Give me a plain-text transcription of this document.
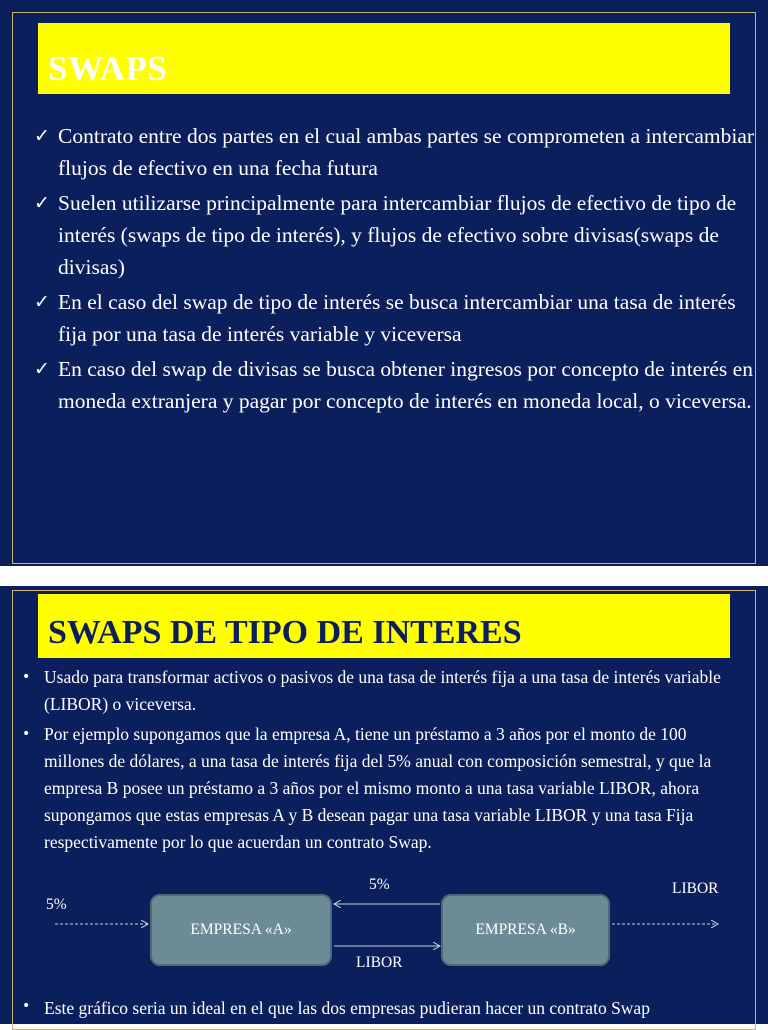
SWAPS
✓ Contrato entre dos partes en el cual ambas partes se comprometen a intercambiar flujos de efectivo en una fecha futura
✓ Suelen utilizarse principalmente para intercambiar flujos de efectivo de tipo de interés (swaps de tipo de interés), y flujos de efectivo sobre divisas(swaps de divisas)
✓ En el caso del swap de tipo de interés se busca intercambiar una tasa de interés fija por una tasa de interés variable y viceversa
✓ En caso del swap de divisas se busca obtener ingresos por concepto de interés en moneda extranjera y pagar por concepto de interés en moneda local, o viceversa.
SWAPS DE TIPO DE INTERES
• Usado para transformar activos o pasivos de una tasa de interés fija a una tasa de interés variable (LIBOR) o viceversa.
• Por ejemplo supongamos que la empresa A, tiene un préstamo a 3 años por el monto de 100 millones de dólares, a una tasa de interés fija del 5% anual con composición semestral, y que la empresa B posee un préstamo a 3 años por el mismo monto a una tasa variable LIBOR, ahora supongamos que estas empresas A y B desean pagar una tasa variable LIBOR y una tasa Fija respectivamente por lo que acuerdan un contrato Swap.
EMPRESA «A»	EMPRESA «B»
5%
5%
LIBOR
LIBOR

• Este gráfico seria un ideal en el que las dos empresas pudieran hacer un contrato Swap
